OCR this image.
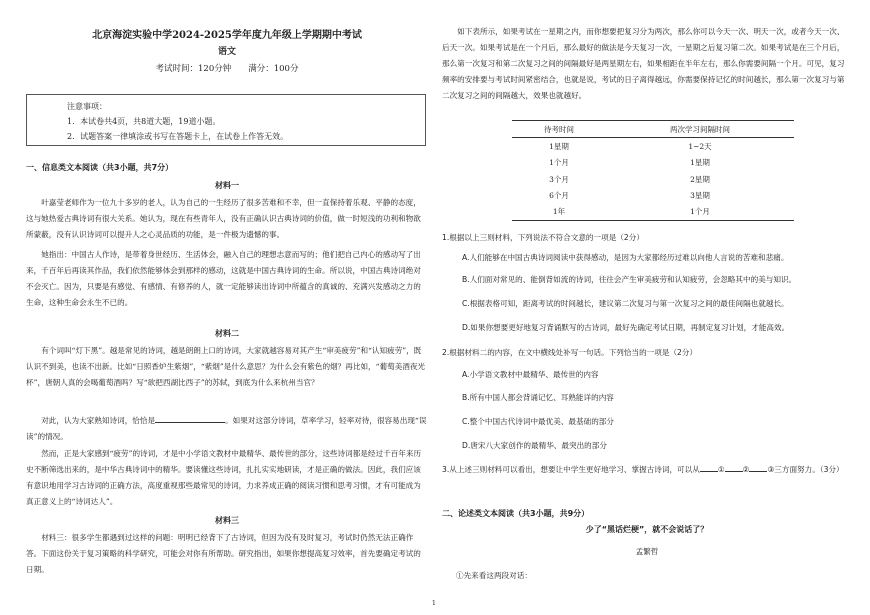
北京海淀实验中学2024-2025学年度九年级上学期期中考试
语文
考试时间：120分钟　　满分：100分
注意事项：
1．本试卷共4页，共8道大题，19道小题。
2．试题答案一律填涂或书写在答题卡上，在试卷上作答无效。
一、信息类文本阅读（共3小题，共7分）
材料一
叶嘉莹老师作为一位九十多岁的老人，认为自己的一生经历了很多苦难和不幸，但一直保持着乐观、平静的态度，这与她热爱古典诗词有很大关系。她认为，现在有些青年人，没有正确认识古典诗词的价值，做一时短浅的功利和物欲所蒙蔽，没有认识诗词可以提升人之心灵品质的功能，是一件极为遗憾的事。
她指出：中国古人作诗，是带着身世经历、生活体会，融入自己的理想志意而写的；他们把自己内心的感动写了出来，千百年后再读其作品，我们依然能够体会到那样的感动，这就是中国古典诗词的生命。所以说，中国古典诗词绝对不会灭亡。因为，只要是有感觉、有感情、有修养的人，就一定能够读出诗词中所蕴含的真诚的、充满兴发感动之力的生命，这种生命会永生不已的。
材料二
有个词叫“灯下黑”。越是常见的诗词，越是朗朗上口的诗词，大家就越容易对其产生“审美疲劳”和“认知疲劳”，既认识不到美，也读不出新。比如“日照香炉生紫烟”，“紫烟”是什么意思？为什么会有紫色的烟？再比如，“葡萄美酒夜光杯”，唐朝人真的会喝葡萄酒吗？写“欲把西湖比西子”的苏轼，到底为什么来杭州当官？
对此，认为大家熟知诗词，恰恰是	。如果对这部分诗词，草率学习，轻率对待，很容易出现“误读”的情况。
然而，正是大家感到“疲劳”的诗词，才是中小学语文教材中最精华、最传世的部分，这些诗词都是经过千百年来历史不断筛选出来的，是中华古典诗词中的精华。要读懂这些诗词，扎扎实实地研读，才是正确的做法。因此，我们应该有意识地用学习古诗词的正确方法，高度重视那些最常见的诗词，力求养成正确的阅读习惯和思考习惯，才有可能成为真正意义上的“诗词达人”。
材料三
材料三：很多学生都遇到过这样的问题：明明已经背下了古诗词，但因为没有及时复习，考试时仍然无法正确作答。下面这份关于复习策略的科学研究，可能会对你有所帮助。研究指出，如果你想提高复习效率，首先要确定考试的日期。
如下表所示，如果考试在一星期之内，而你想要把复习分为两次，那么你可以今天一次、明天一次，或者今天一次、后天一次。如果考试是在一个月后，那么最好的做法是今天复习一次，一星期之后复习第二次。如果考试是在三个月后，那么第一次复习和第二次复习之间的间隔最好是两星期左右，如果相距在半年左右，那么你需要间隔一个月。可见，复习频率的安排要与考试时间紧密结合，也就是说，考试的日子离得越远，你需要保持记忆的时间越长，那么第一次复习与第二次复习之间的间隔越大，效果也就越好。
待考时间	两次学习间隔时间
1星期	1~2天
1个月	1星期
3个月	2星期
6个月	3星期
1年	1个月
1.根据以上三则材料，下列说法不符合文意的一项是（2分）
A.人们能够在中国古典诗词阅读中获得感动，是因为大家都经历过难以向他人言说的苦难和悲痛。
B.人们面对常见的、能倒背如流的诗词，往往会产生审美疲劳和认知疲劳，会忽略其中的美与知识。
C.根据表格可知，距离考试的时间越长，建议第二次复习与第一次复习之间的最佳间隔也就越长。
D.如果你想要更好地复习背诵默写的古诗词，最好先确定考试日期，再制定复习计划，才能高效。
2.根据材料二的内容，在文中横线处补写一句话。下列恰当的一项是（2分）
A.小学语文教材中最精华、最传世的内容
B.所有中国人都会背诵记忆、耳熟能详的内容
C.整个中国古代诗词中最优美、最基础的部分
D.唐宋八大家创作的最精华、最突出的部分
3.从上述三则材料可以看出，想要让中学生更好地学习、掌握古诗词，可以从 ① ② ③三方面努力。（3分）
二、论述类文本阅读（共3小题，共9分）
少了“黑话烂梗”，就不会说话了？
孟繁哲
①先来看这两段对话：
1
